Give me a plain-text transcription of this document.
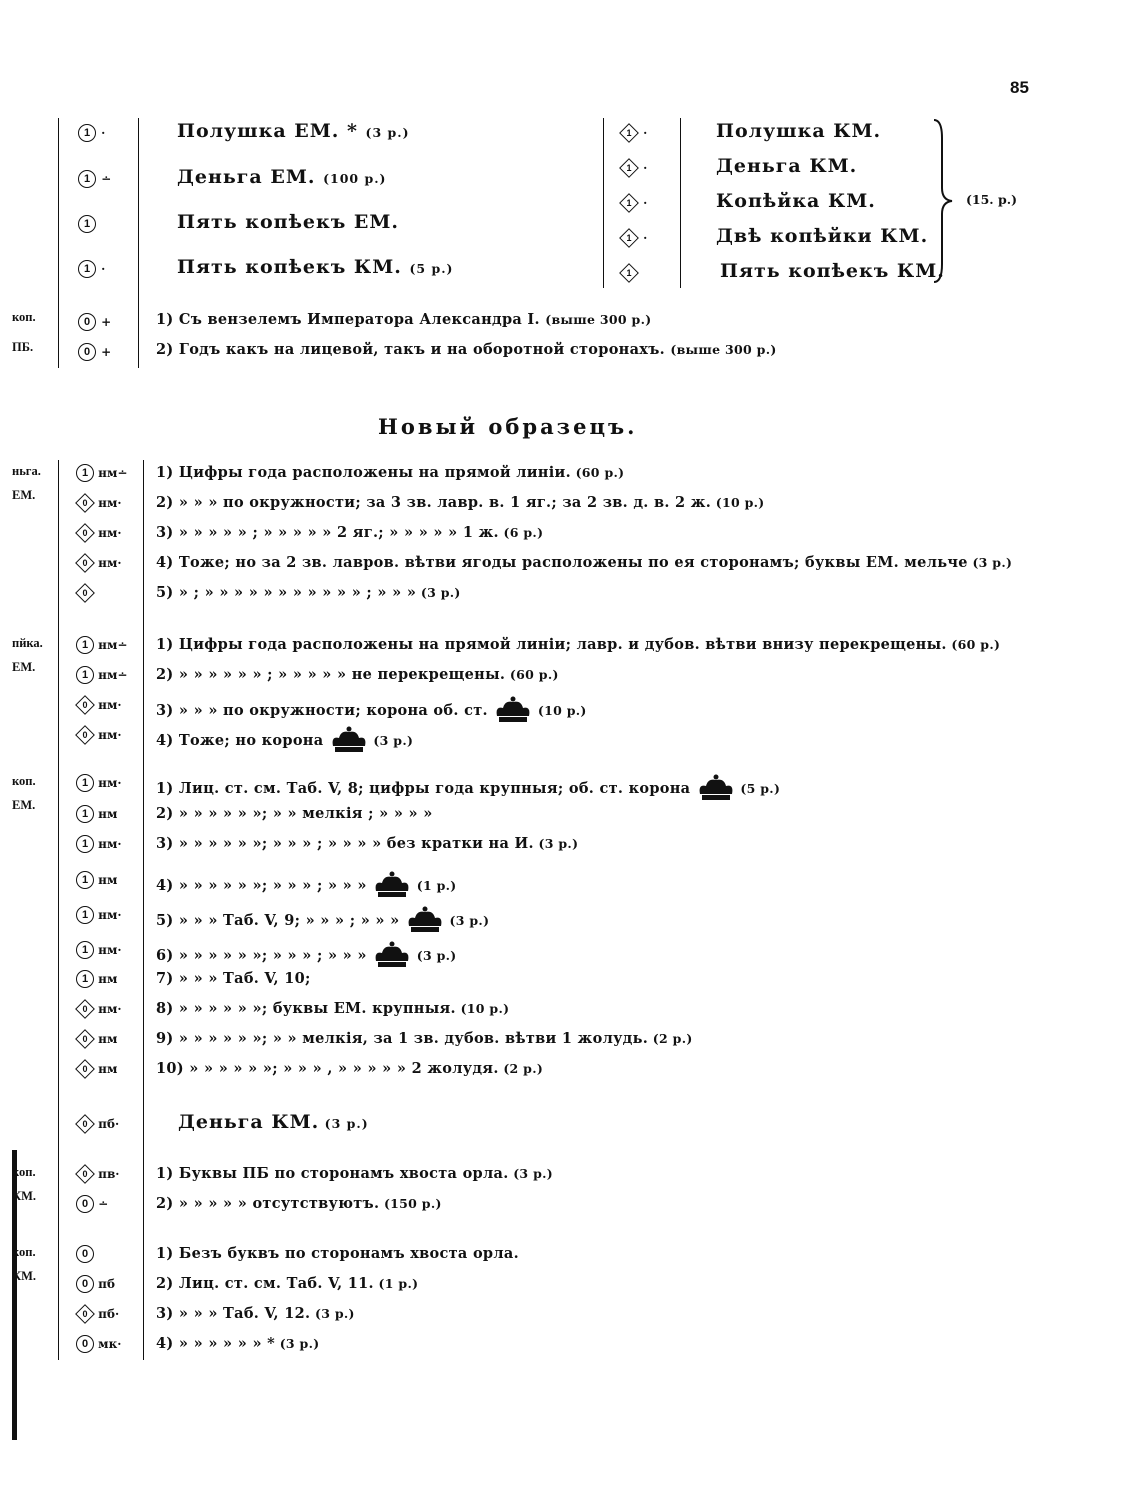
85
1 ·	Полушка ЕМ. * (3 р.)
1 ∸	Деньга ЕМ. (100 р.)
1	Пять копѣекъ ЕМ.
1 ·	Пять копѣекъ КМ. (5 р.)
1 ·	Полушка КМ.
1 ·	Деньга КМ.
1 ·	Копѣйка КМ.
1 ·	Двѣ копѣйки КМ.
1	Пять копѣекъ КМ.
(15. р.)
коп.
ПБ.
0 +	1) Съ вензелемъ Императора Александра I. (выше 300 р.)
0 +	2) Годъ какъ на лицевой, такъ и на оборотной сторонахъ. (выше 300 р.)
Новый образецъ.
ньга.
ЕМ.
1 нм∸ 1) Цифры года расположены на прямой линіи. (60 р.)
0 нм· 2) » » » по окружности; за 3 зв. лавр. в. 1 яг.; за 2 зв. д. в. 2 ж. (10 р.)
0 нм· 3) » » » » » ; » » » » » 2 яг.; » » » » » 1 ж. (6 р.)
0 нм· 4) Тоже; но за 2 зв. лавров. вѣтви ягоды расположены по ея сторонамъ; буквы ЕМ. мельче (3 р.)
0	5) » ; » » » » » » » » » » » ; » » » (3 р.)
пйка.
ЕМ.
1 нм∸ 1) Цифры года расположены на прямой линіи; лавр. и дубов. вѣтви внизу перекрещены. (60 р.)
1 нм∸ 2) » » » » » » ; » » » » » не перекрещены. (60 р.)
0 нм· 3) » » » по окружности; корона об. ст.	(10 р.)
0 нм· 4) Тоже; но корона	(3 р.)
коп.
ЕМ.
1 нм· 1) Лиц. ст. см. Таб. V, 8; цифры года крупныя; об. ст. корона	(5 р.)
1 нм	2) » » » » » »; » » мелкія ; » » » »
1 нм· 3) » » » » » »; » » » ; » » » » без кратки на И. (3 р.)
1 нм	4) » » » » » »; » » » ; » » »	(1 р.)
1 нм· 5) » » » Таб. V, 9; » » » ; » » »	(3 р.)
1 нм· 6) » » » » » »; » » » ; » » »	(3 р.)
1 нм	7) » » » Таб. V, 10;
0 нм· 8) » » » » » »; буквы ЕМ. крупныя. (10 р.)
0 нм	9) » » » » » »; » » мелкія, за 1 зв. дубов. вѣтви 1 жолудь. (2 р.)
0 нм	10) » » » » » »; » » » , » » » » » 2 жолудя. (2 р.)
0 пб·	Деньга КМ. (3 р.)
коп.
КМ.
0 пв·	1) Буквы ПБ по сторонамъ хвоста орла. (3 р.)
0 ∸	2) » » » » » отсутствуютъ. (150 р.)
коп.
КМ.
0	1) Безъ буквъ по сторонамъ хвоста орла.
0 пб	2) Лиц. ст. см. Таб. V, 11. (1 р.)
0 пб·	3) » » » Таб. V, 12. (3 р.)
0 мк· 4) » » » » » » * (3 р.)
